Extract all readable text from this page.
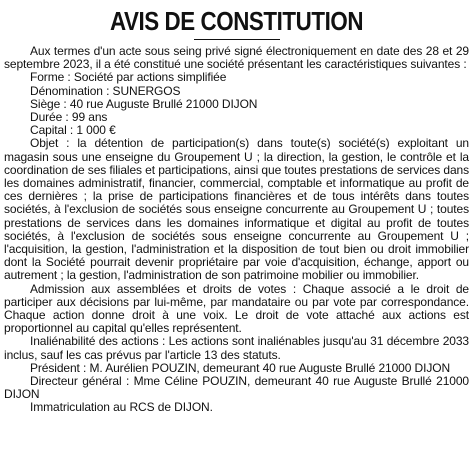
AVIS DE CONSTITUTION

Aux termes d'un acte sous seing privé signé électroniquement en date des 28 et 29 septembre 2023, il a été constitué une société présentant les caractéristiques suivantes :

Forme : Société par actions simplifiée

Dénomination : SUNERGOS

Siège : 40 rue Auguste Brullé 21000 DIJON

Durée : 99 ans

Capital : 1 000 €

Objet : la détention de participation(s) dans toute(s) société(s) exploitant un magasin sous une enseigne du Groupement U ; la direction, la gestion, le contrôle et la coordination de ses filiales et participations, ainsi que toutes prestations de services dans les domaines administratif, financier, commercial, comptable et informatique au profit de ces dernières ; la prise de participations financières et de tous intérêts dans toutes sociétés, à l'exclusion de sociétés sous enseigne concurrente au Groupement U ; toutes prestations de services dans les domaines informatique et digital au profit de toutes sociétés, à l'exclusion de sociétés sous enseigne concurrente au Groupement U ; l'acquisition, la gestion, l'administration et la disposition de tout bien ou droit immobilier dont la Société pourrait devenir propriétaire par voie d'acquisition, échange, apport ou autrement ; la gestion, l'administration de son patrimoine mobilier ou immobilier.

Admission aux assemblées et droits de votes : Chaque associé a le droit de participer aux décisions par lui-même, par mandataire ou par vote par correspondance. Chaque action donne droit à une voix. Le droit de vote attaché aux actions est proportionnel au capital qu'elles représentent.

Inaliénabilité des actions : Les actions sont inaliénables jusqu'au 31 décembre 2033 inclus, sauf les cas prévus par l'article 13 des statuts.

Président : M. Aurélien POUZIN, demeurant 40 rue Auguste Brullé 21000 DIJON

Directeur général : Mme Céline POUZIN, demeurant 40 rue Auguste Brullé 21000 DIJON

Immatriculation au RCS de DIJON.
